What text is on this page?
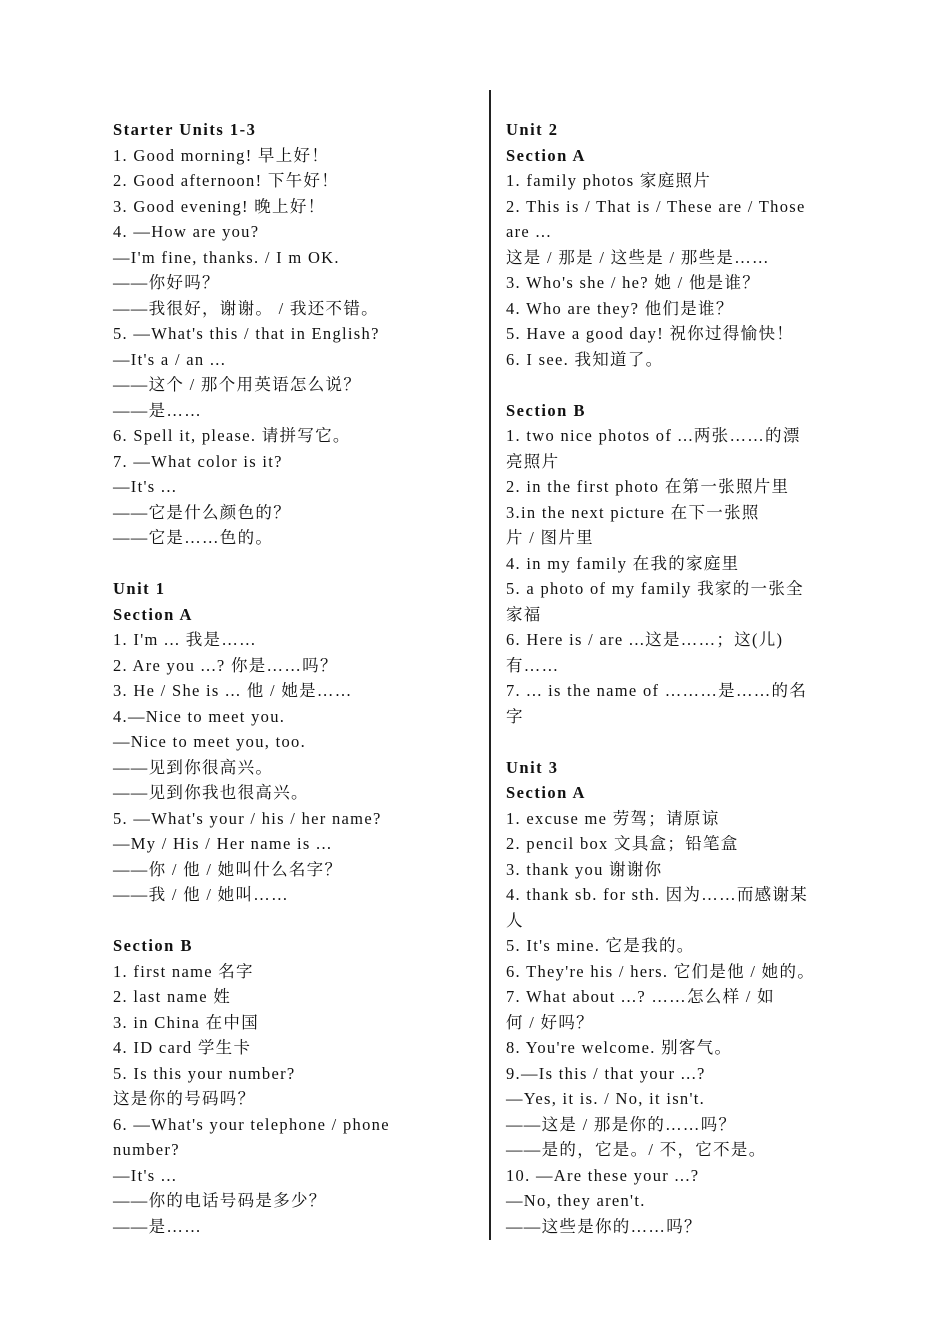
Starter Units 1-3
1. Good morning! 早上好！
2. Good afternoon! 下午好！
3. Good evening! 晚上好！
4. —How are you?
—I'm fine, thanks. / I m OK.
——你好吗？
——我很好，谢谢。 / 我还不错。
5. —What's this / that in English?
—It's a / an ...
——这个 / 那个用英语怎么说？
——是……
6. Spell it, please. 请拼写它。
7. —What color is it?
—It's ...
——它是什么颜色的？
——它是……色的。
Unit 1
Section A
1. I'm ... 我是……
2. Are you ...? 你是……吗？
3. He / She is ... 他 / 她是……
4.—Nice to meet you.
—Nice to meet you, too.
——见到你很高兴。
——见到你我也很高兴。
5. —What's your / his / her name?
—My / His / Her name is ...
——你 / 他 / 她叫什么名字？
——我 / 他 / 她叫……
Section B
1. first name 名字
2. last name 姓
3. in China 在中国
4. ID card 学生卡
5. Is this your number?
这是你的号码吗？
6. —What's your telephone / phone
number?
—It's ...
——你的电话号码是多少？
——是……
Unit 2
Section A
1. family photos 家庭照片
2. This is / That is / These are / Those
are ...
这是 / 那是 / 这些是 / 那些是……
3. Who's she / he? 她 / 他是谁？
4. Who are they? 他们是谁？
5. Have a good day! 祝你过得愉快！
6. I see. 我知道了。
Section B
1. two nice photos of ...两张……的漂
亮照片
2. in the first photo 在第一张照片里
3.in the next picture 在下一张照
片 / 图片里
4. in my family 在我的家庭里
5. a photo of my family 我家的一张全
家福
6. Here is / are ...这是……；这(儿)
有……
7. ... is the name of ………是……的名
字
Unit 3
Section A
1. excuse me 劳驾；请原谅
2. pencil box 文具盒；铅笔盒
3. thank you 谢谢你
4. thank sb. for sth. 因为……而感谢某
人
5. It's mine. 它是我的。
6. They're his / hers. 它们是他 / 她的。
7. What about ...? ……怎么样 / 如
何 / 好吗？
8. You're welcome. 别客气。
9.—Is this / that your ...?
—Yes, it is. / No, it isn't.
——这是 / 那是你的……吗？
——是的，它是。/ 不，它不是。
10. —Are these your ...?
—No, they aren't.
——这些是你的……吗？
